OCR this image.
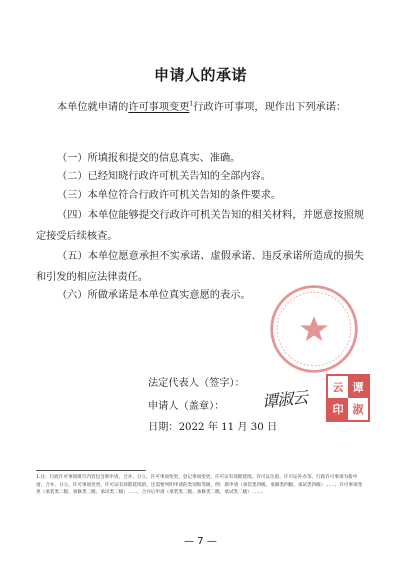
申请人的承诺
本单位就申请的许可事项变更$^1$行政许可事项，现作出下列承诺：
（一）所填报和提交的信息真实、准确。
（二）已经知晓行政许可机关告知的全部内容。
（三）本单位符合行政许可机关告知的条件要求。
（四）本单位能够提交行政许可机关告知的相关材料，并愿意按照规定接受后续核查。
（五）本单位愿意承担不实承诺、虚假承诺、违反承诺所造成的损失和引发的相应法律责任。
（六）所做承诺是本单位真实意愿的表示。
法定代表人（签字）：
申请人（盖章）： 谭淑云
云 谭
印 淑
日期：2022 年 11 月 30 日
1.注：行政许可事项填写内容包含新申请、合并、分立、许可事项变更、登记事项变更、许可证有效期延续、许可证注销、许可证补办等。行政许可事项为新申请、合并、分立、许可事项变更、许可证有效期延续的，还需要列明申请的类别和等级，例：新申请（承装类四级、承修类四级、承试类四级）……、许可事项变更（承装类二级、承修类二级、承试类二级）……、合并后申请（承装类二级、承修类二级、承试类二级）……。
— 7 —
